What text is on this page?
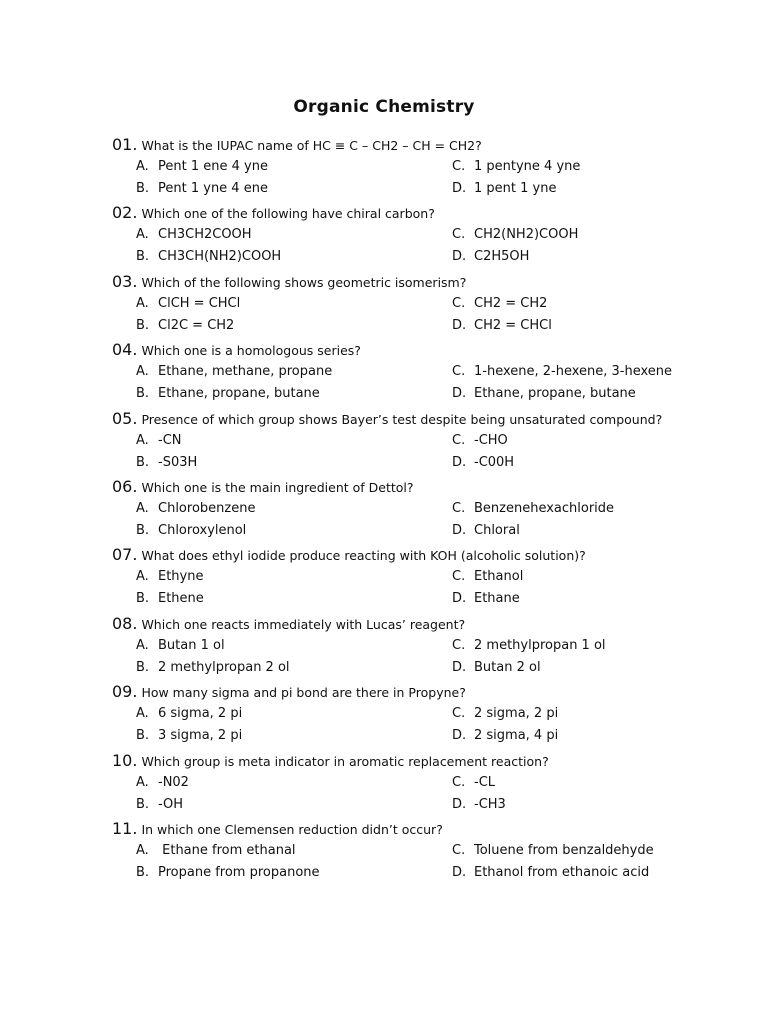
Organic Chemistry
01. What is the IUPAC name of HC ≡ C – CH2 – CH = CH2?
A. Pent 1 ene 4 yne
B. Pent 1 yne 4 ene
C. 1 pentyne 4 yne
D. 1 pent 1 yne
02. Which one of the following have chiral carbon?
A. CH3CH2COOH
B. CH3CH(NH2)COOH
C. CH2(NH2)COOH
D. C2H5OH
03. Which of the following shows geometric isomerism?
A. ClCH = CHCl
B. Cl2C = CH2
C. CH2 = CH2
D. CH2 = CHCl
04. Which one is a homologous series?
A. Ethane, methane, propane
B. Ethane, propane, butane
C. 1-hexene, 2-hexene, 3-hexene
D. Ethane, propane, butane
05. Presence of which group shows Bayer’s test despite being unsaturated compound?
A. -CN
B. -S03H
C. -CHO
D. -C00H
06. Which one is the main ingredient of Dettol?
A. Chlorobenzene
B. Chloroxylenol
C. Benzenehexachloride
D. Chloral
07. What does ethyl iodide produce reacting with KOH (alcoholic solution)?
A. Ethyne
B. Ethene
C. Ethanol
D. Ethane
08. Which one reacts immediately with Lucas’ reagent?
A. Butan 1 ol
B. 2 methylpropan 2 ol
C. 2 methylpropan 1 ol
D. Butan 2 ol
09. How many sigma and pi bond are there in Propyne?
A. 6 sigma, 2 pi
B. 3 sigma, 2 pi
C. 2 sigma, 2 pi
D. 2 sigma, 4 pi
10. Which group is meta indicator in aromatic replacement reaction?
A. -N02
B. -OH
C. -CL
D. -CH3
11. In which one Clemensen reduction didn’t occur?
A. Ethane from ethanal
B. Propane from propanone
C. Toluene from benzaldehyde
D. Ethanol from ethanoic acid
